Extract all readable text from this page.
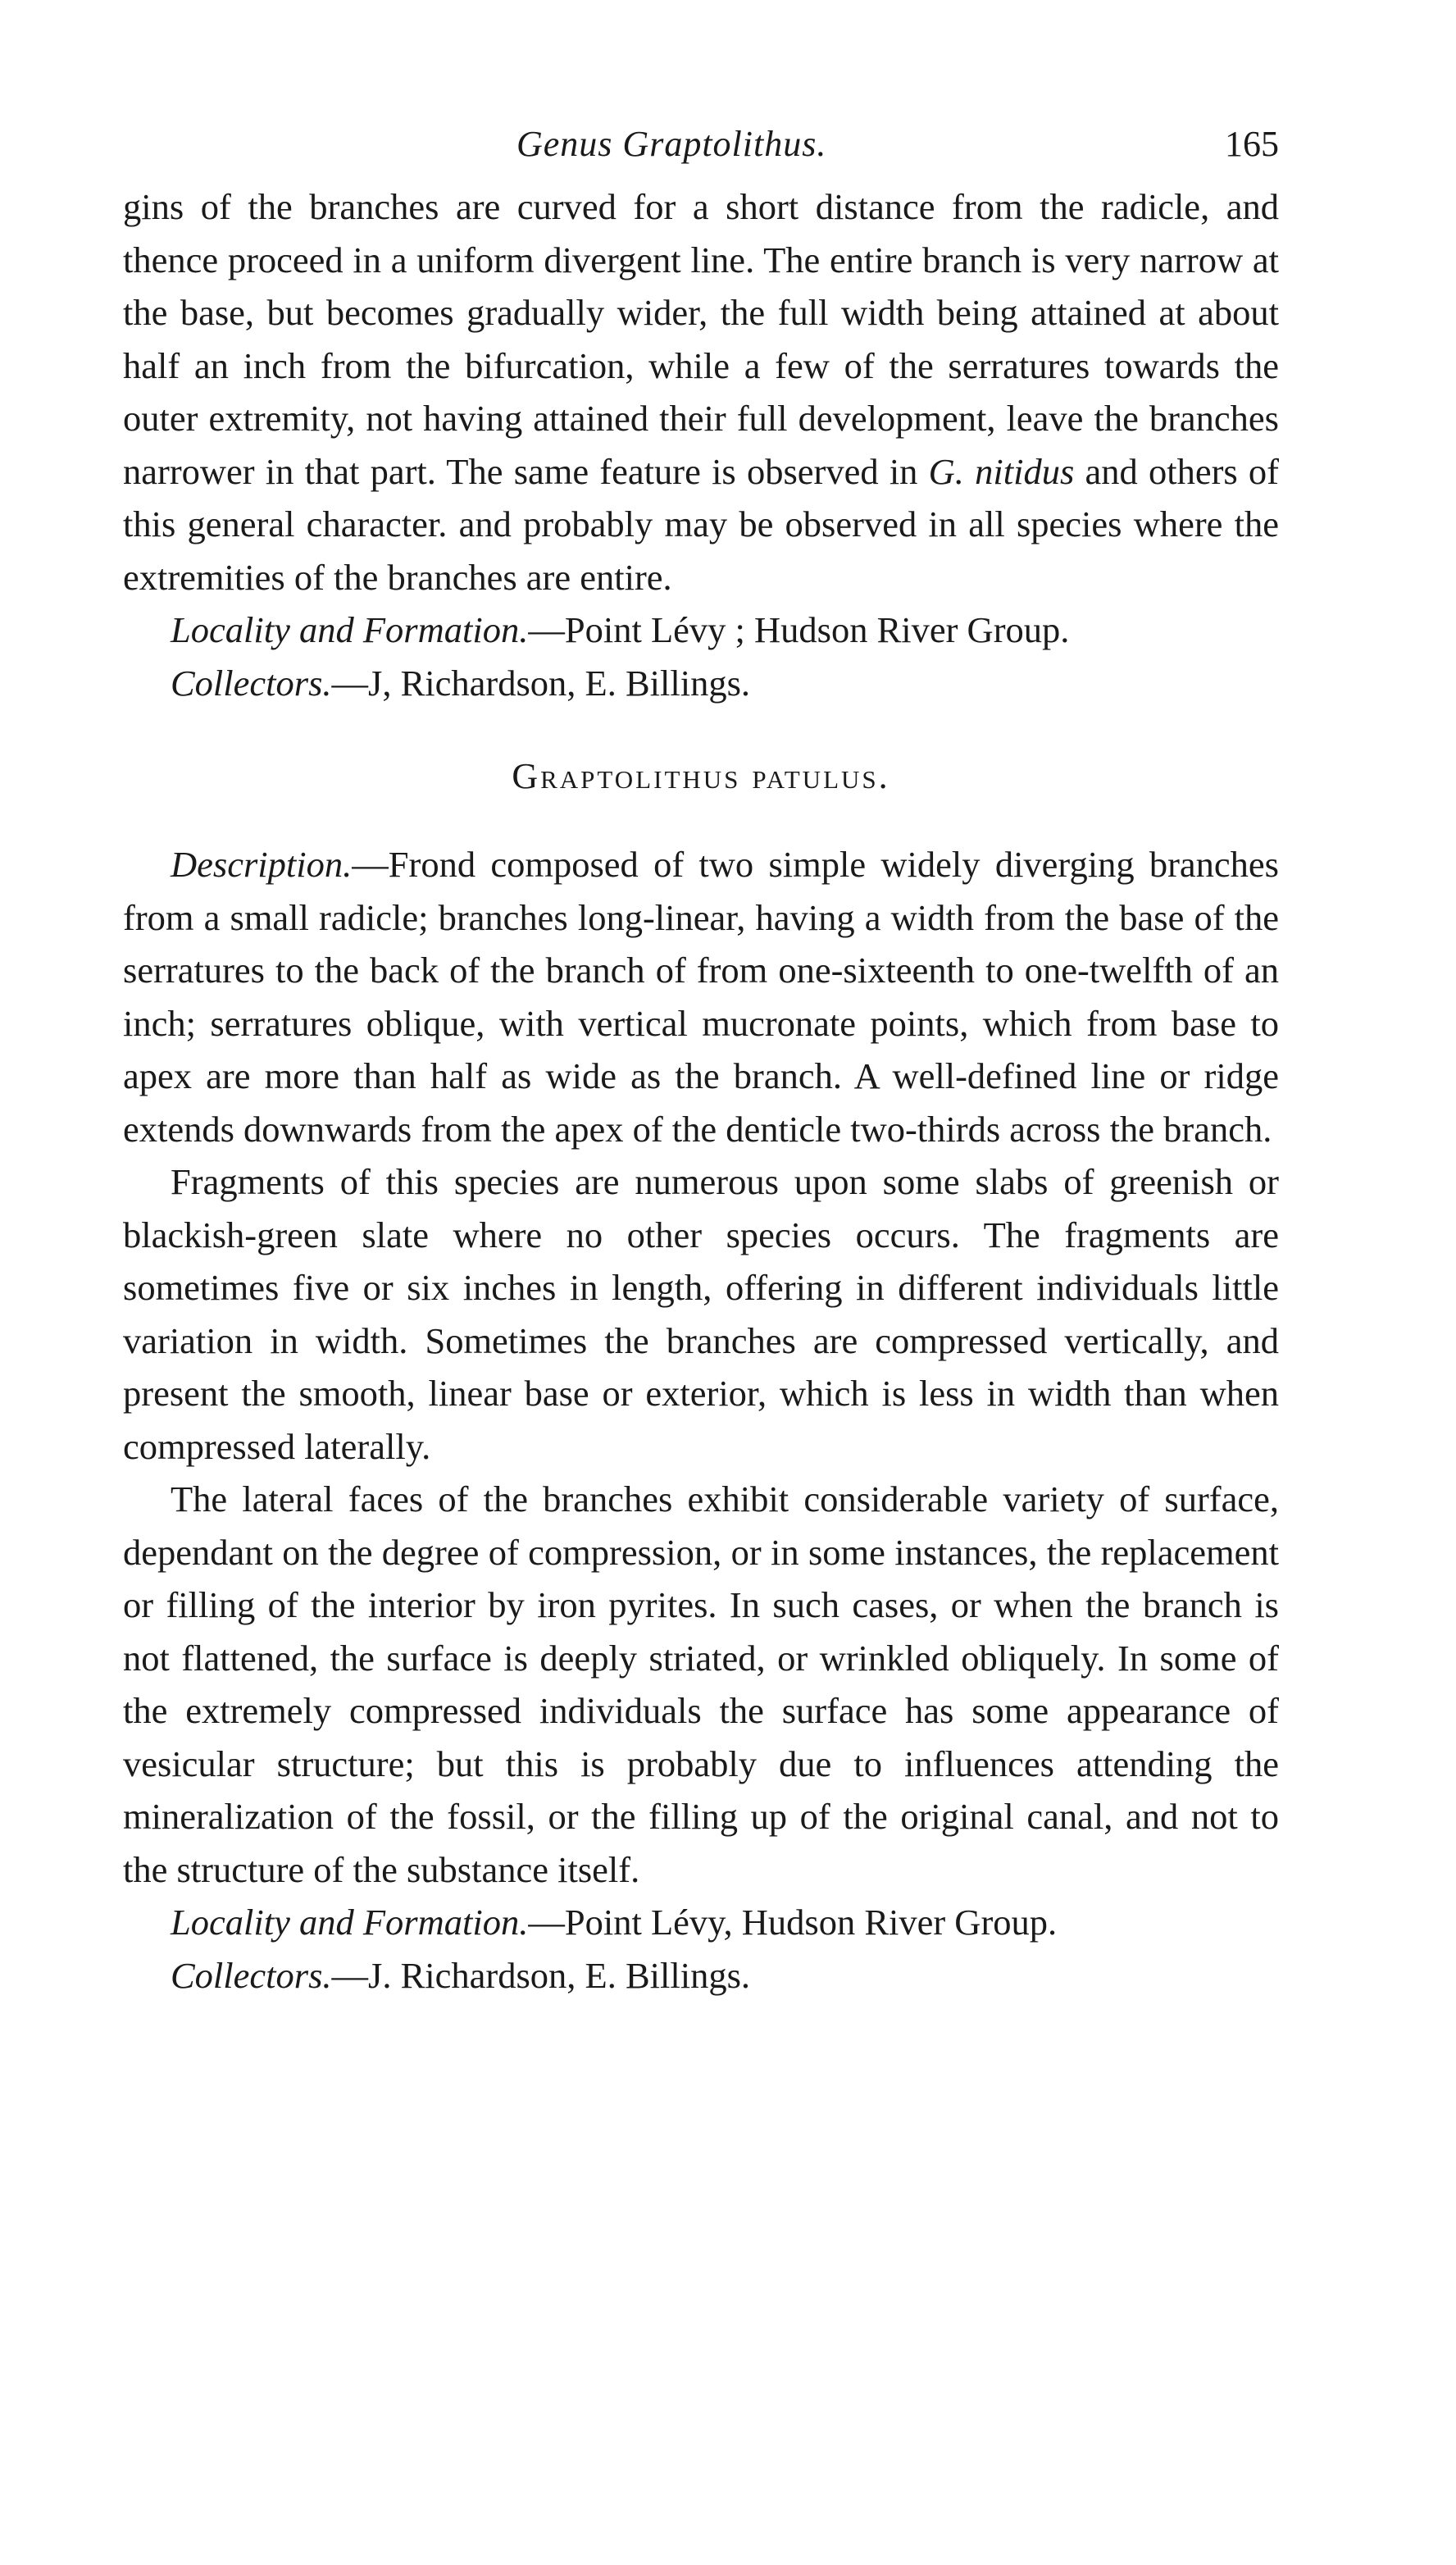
Genus Graptolithus.	165

gins of the branches are curved for a short distance from the radicle, and thence proceed in a uniform divergent line. The entire branch is very narrow at the base, but becomes gradually wider, the full width being attained at about half an inch from the bifurcation, while a few of the serratures towards the outer extremity, not having attained their full development, leave the branches narrower in that part. The same feature is observed in G. nitidus and others of this general character. and probably may be observed in all species where the extremities of the branches are entire.

Locality and Formation.—Point Lévy ; Hudson River Group.
Collectors.—J, Richardson, E. Billings.
Graptolithus patulus.

Description.—Frond composed of two simple widely diverging branches from a small radicle; branches long-linear, having a width from the base of the serratures to the back of the branch of from one-sixteenth to one-twelfth of an inch; serratures oblique, with vertical mucronate points, which from base to apex are more than half as wide as the branch. A well-defined line or ridge extends downwards from the apex of the denticle two-thirds across the branch.

Fragments of this species are numerous upon some slabs of greenish or blackish-green slate where no other species occurs. The fragments are sometimes five or six inches in length, offering in different individuals little variation in width. Sometimes the branches are compressed vertically, and present the smooth, linear base or exterior, which is less in width than when compressed laterally.

The lateral faces of the branches exhibit considerable variety of surface, dependant on the degree of compression, or in some instances, the replacement or filling of the interior by iron pyrites. In such cases, or when the branch is not flattened, the surface is deeply striated, or wrinkled obliquely. In some of the extremely compressed individuals the surface has some appearance of vesicular structure; but this is probably due to influences attending the mineralization of the fossil, or the filling up of the original canal, and not to the structure of the substance itself.

Locality and Formation.—Point Lévy, Hudson River Group.
Collectors.—J. Richardson, E. Billings.
